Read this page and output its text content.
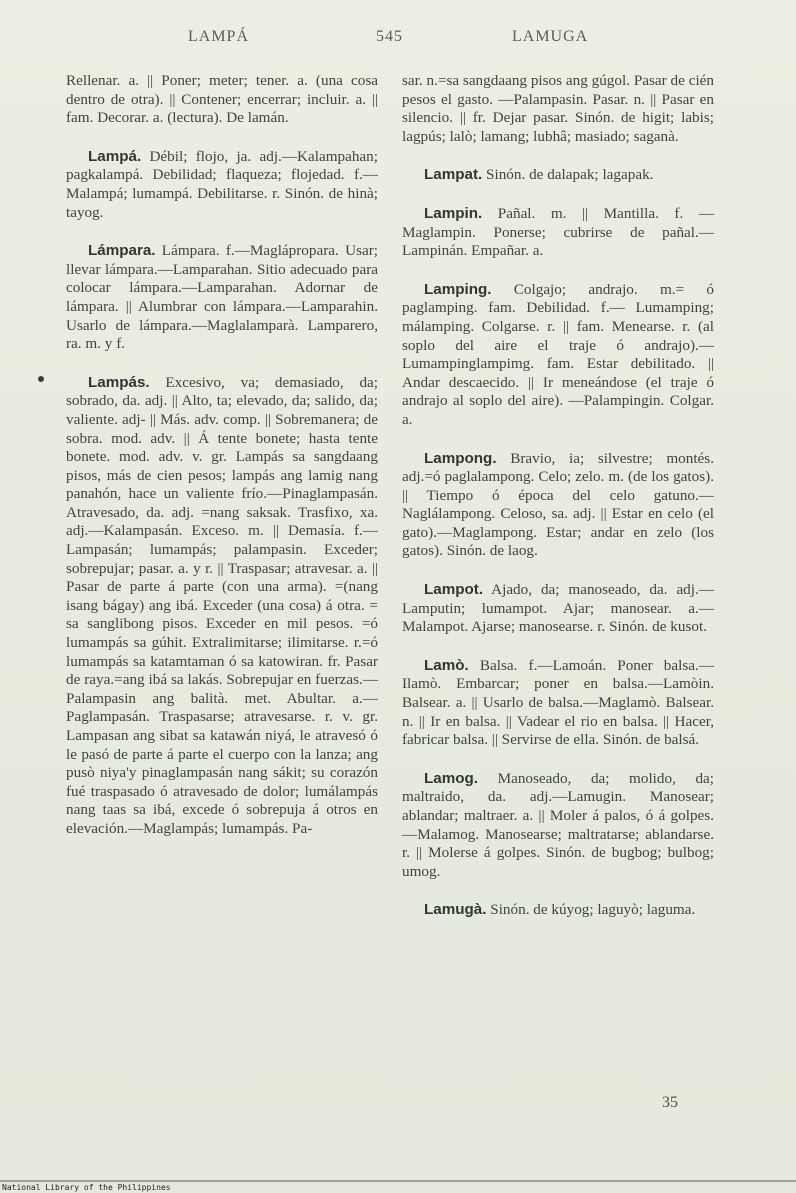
LAMPÁ	545	LAMUGA
Rellenar. a. || Poner; meter; tener. a. (una cosa dentro de otra). || Contener; encerrar; incluir. a. || fam. Decorar. a. (lectura). De lamán.
Lampá. Débil; flojo, ja. adj.—Kalampahan; pagkalampá. Debilidad; flaqueza; flojedad. f.—Malampá; lumampá. Debilitarse. r. Sinón. de hinà; tayog.
Lámpara. Lámpara. f.—Maglápropara. Usar; llevar lámpara.—Lamparahan. Sitio adecuado para colocar lámpara.—Lamparahan. Adornar de lámpara. || Alumbrar con lámpara.—Lamparahin. Usarlo de lámpara.—Maglalamparà. Lamparero, ra. m. y f.
Lampás. Excesivo, va; demasiado, da; sobrado, da. adj. || Alto, ta; elevado, da; salido, da; valiente. adj- || Más. adv. comp. || Sobremanera; de sobra. mod. adv. || Á tente bonete; hasta tente bonete. mod. adv. v. gr. Lampás sa sangdaang pisos, más de cien pesos; lampás ang lamig nang panahón, hace un valiente frío.—Pinaglampasán. Atravesado, da. adj. =nang saksak. Trasfixo, xa. adj.—Kalampasán. Exceso. m. || Demasía. f.— Lampasán; lumampás; palampasin. Exceder; sobrepujar; pasar. a. y r. || Traspasar; atravesar. a. || Pasar de parte á parte (con una arma). =(nang isang bágay) ang ibá. Exceder (una cosa) á otra. = sa sanglibong pisos. Exceder en mil pesos. =ó lumampás sa gúhit. Extralimitarse; ilimitarse. r.=ó lumampás sa katamtaman ó sa katowiran. fr. Pasar de raya.=ang ibá sa lakás. Sobrepujar en fuerzas.—Palampasin ang balità. met. Abultar. a.—Paglampasán. Traspasarse; atravesarse. r. v. gr. Lampasan ang sibat sa katawán niyá, le atravesó ó le pasó de parte á parte el cuerpo con la lanza; ang pusò niya'y pinaglampasán nang sákit; su corazón fué traspasado ó atravesado de dolor; lumálampás nang taas sa ibá, excede ó sobrepuja á otros en elevación.—Maglampás; lumampás. Pa-
sar. n.=sa sangdaang pisos ang gúgol. Pasar de cién pesos el gasto. —Palampasin. Pasar. n. || Pasar en silencio. || fr. Dejar pasar. Sinón. de higit; labis; lagpús; lalò; lamang; lubhâ; masiado; saganà.
Lampat. Sinón. de dalapak; lagapak.
Lampin. Pañal. m. || Mantilla. f. —Maglampin. Ponerse; cubrirse de pañal.—Lampinán. Empañar. a.
Lamping. Colgajo; andrajo. m.= ó paglamping. fam. Debilidad. f.— Lumamping; málamping. Colgarse. r. || fam. Menearse. r. (al soplo del aire el traje ó andrajo).—Lumampinglampimg. fam. Estar debilitado. || Andar descaecido. || Ir meneándose (el traje ó andrajo al soplo del aire). —Palampingin. Colgar. a.
Lampong. Bravio, ia; silvestre; montés. adj.=ó paglalampong. Celo; zelo. m. (de los gatos). || Tiempo ó época del celo gatuno.—Naglálampong. Celoso, sa. adj. || Estar en celo (el gato).—Maglampong. Estar; andar en zelo (los gatos). Sinón. de laog.
Lampot. Ajado, da; manoseado, da. adj.—Lamputin; lumampot. Ajar; manosear. a.—Malampot. Ajarse; manosearse. r. Sinón. de kusot.
Lamò. Balsa. f.—Lamoán. Poner balsa.—Ilamò. Embarcar; poner en balsa.—Lamòin. Balsear. a. || Usarlo de balsa.—Maglamò. Balsear. n. || Ir en balsa. || Vadear el rio en balsa. || Hacer, fabricar balsa. || Servirse de ella. Sinón. de balsá.
Lamog. Manoseado, da; molido, da; maltraido, da. adj.—Lamugin. Manosear; ablandar; maltraer. a. || Moler á palos, ó á golpes.—Malamog. Manosearse; maltratarse; ablandarse. r. || Molerse á golpes. Sinón. de bugbog; bulbog; umog.
Lamugà. Sinón. de kúyog; laguyò; laguma.
35
National Library of the Philippines
